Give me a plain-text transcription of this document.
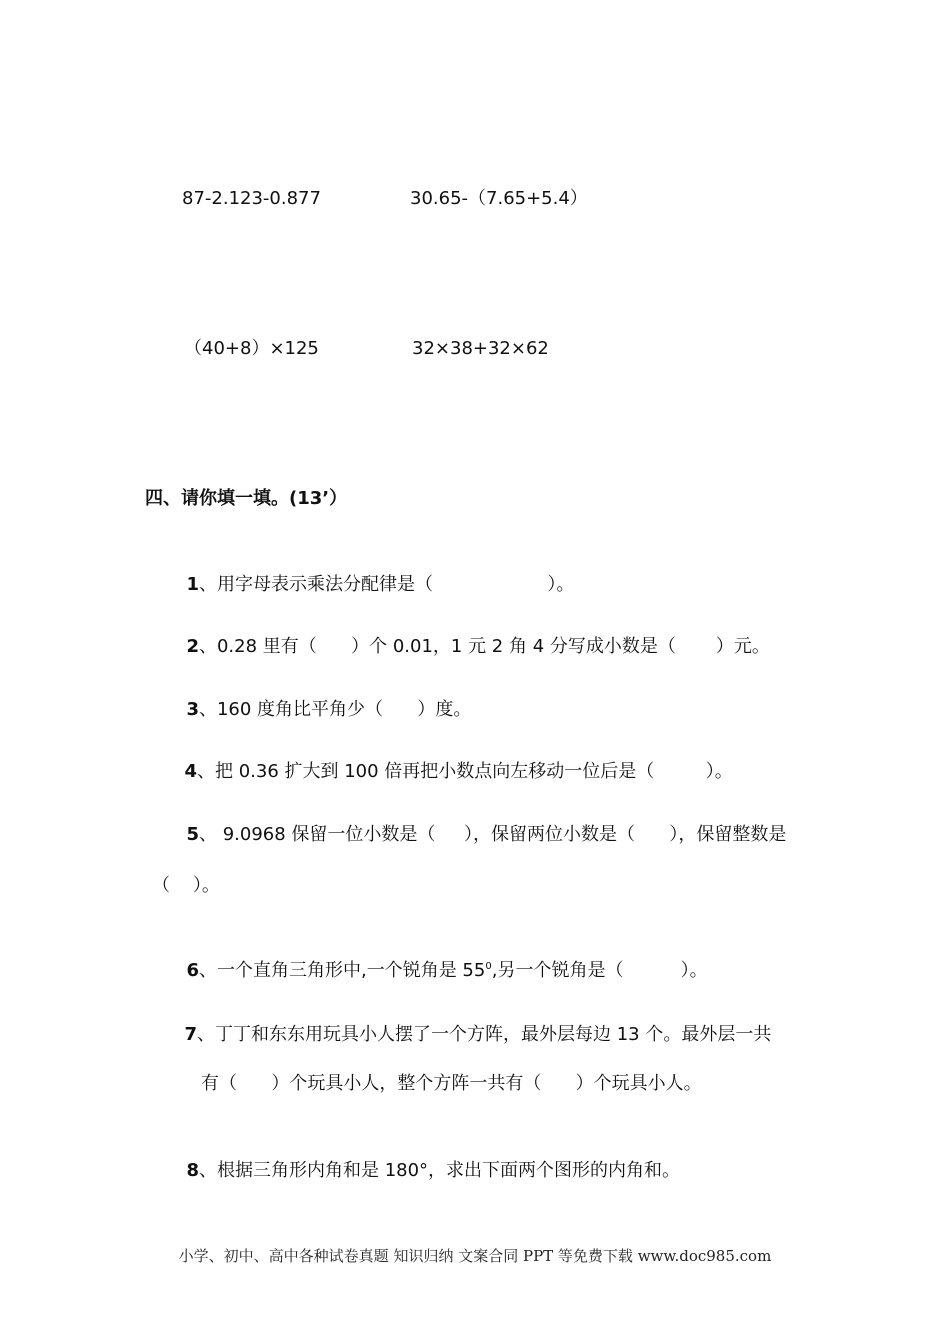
87-2.123-0.877	30.65-（7.65+5.4）
（40+8）×125	32×38+32×62
四、请你填一填。(13’）

1、用字母表示乘法分配律是（                    ）。

2、0.28 里有（      ）个 0.01，1 元 2 角 4 分写成小数是（       ）元。

3、160 度角比平角少（      ）度。

4、把 0.36 扩大到 100 倍再把小数点向左移动一位后是（         ）。

5、 9.0968 保留一位小数是（     ），保留两位小数是（      ），保留整数是

（    ）。

6、一个直角三角形中,一个锐角是 $55^0$,另一个锐角是（          ）。

7、丁丁和东东用玩具小人摆了一个方阵，最外层每边 13 个。最外层一共

有（      ）个玩具小人，整个方阵一共有（      ）个玩具小人。

8、根据三角形内角和是 180°，求出下面两个图形的内角和。

小学、初中、高中各种试卷真题 知识归纳 文案合同 PPT 等免费下载 www.doc985.com
